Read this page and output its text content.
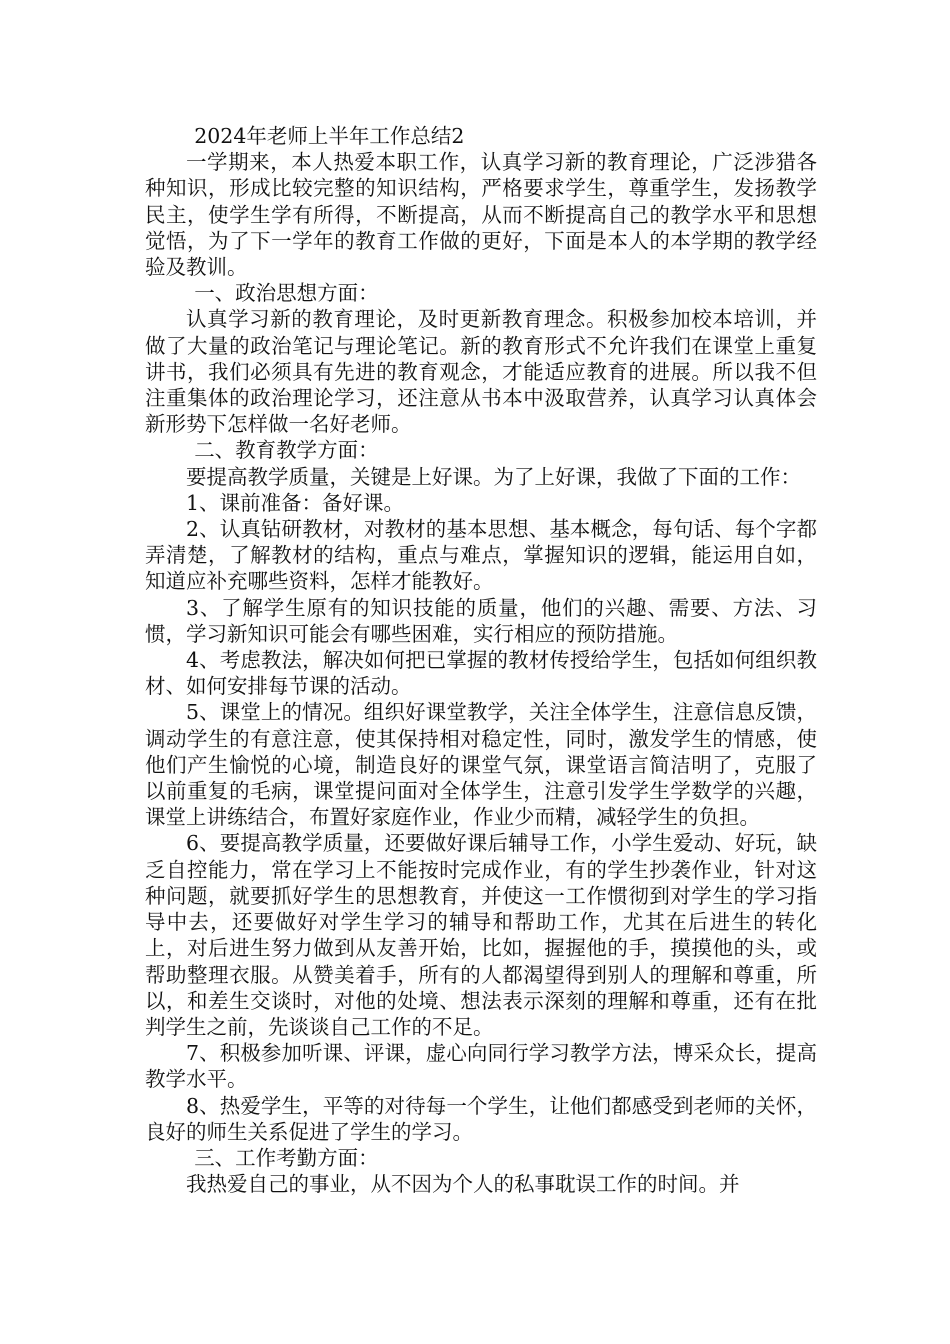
2024年老师上半年工作总结2

一学期来，本人热爱本职工作，认真学习新的教育理论，广泛涉猎各种知识，形成比较完整的知识结构，严格要求学生，尊重学生，发扬教学民主，使学生学有所得，不断提高，从而不断提高自己的教学水平和思想觉悟，为了下一学年的教育工作做的更好，下面是本人的本学期的教学经验及教训。

一、政治思想方面：

认真学习新的教育理论，及时更新教育理念。积极参加校本培训，并做了大量的政治笔记与理论笔记。新的教育形式不允许我们在课堂上重复讲书，我们必须具有先进的教育观念，才能适应教育的进展。所以我不但注重集体的政治理论学习，还注意从书本中汲取营养，认真学习认真体会新形势下怎样做一名好老师。

二、教育教学方面：

要提高教学质量，关键是上好课。为了上好课，我做了下面的工作：

1、课前准备：备好课。

2、认真钻研教材，对教材的基本思想、基本概念，每句话、每个字都弄清楚，了解教材的结构，重点与难点，掌握知识的逻辑，能运用自如，知道应补充哪些资料，怎样才能教好。

3、了解学生原有的知识技能的质量，他们的兴趣、需要、方法、习惯，学习新知识可能会有哪些困难，实行相应的预防措施。

4、考虑教法，解决如何把已掌握的教材传授给学生，包括如何组织教材、如何安排每节课的活动。

5、课堂上的情况。组织好课堂教学，关注全体学生，注意信息反馈，调动学生的有意注意，使其保持相对稳定性，同时，激发学生的情感，使他们产生愉悦的心境，制造良好的课堂气氛，课堂语言简洁明了，克服了以前重复的毛病，课堂提问面对全体学生，注意引发学生学数学的兴趣，课堂上讲练结合，布置好家庭作业，作业少而精，减轻学生的负担。

6、要提高教学质量，还要做好课后辅导工作，小学生爱动、好玩，缺乏自控能力，常在学习上不能按时完成作业，有的学生抄袭作业，针对这种问题，就要抓好学生的思想教育，并使这一工作惯彻到对学生的学习指导中去，还要做好对学生学习的辅导和帮助工作，尤其在后进生的转化上，对后进生努力做到从友善开始，比如，握握他的手，摸摸他的头，或帮助整理衣服。从赞美着手，所有的人都渴望得到别人的理解和尊重，所以，和差生交谈时，对他的处境、想法表示深刻的理解和尊重，还有在批判学生之前，先谈谈自己工作的不足。

7、积极参加听课、评课，虚心向同行学习教学方法，博采众长，提高教学水平。

8、热爱学生，平等的对待每一个学生，让他们都感受到老师的关怀，良好的师生关系促进了学生的学习。

三、工作考勤方面：

我热爱自己的事业，从不因为个人的私事耽误工作的时间。并
